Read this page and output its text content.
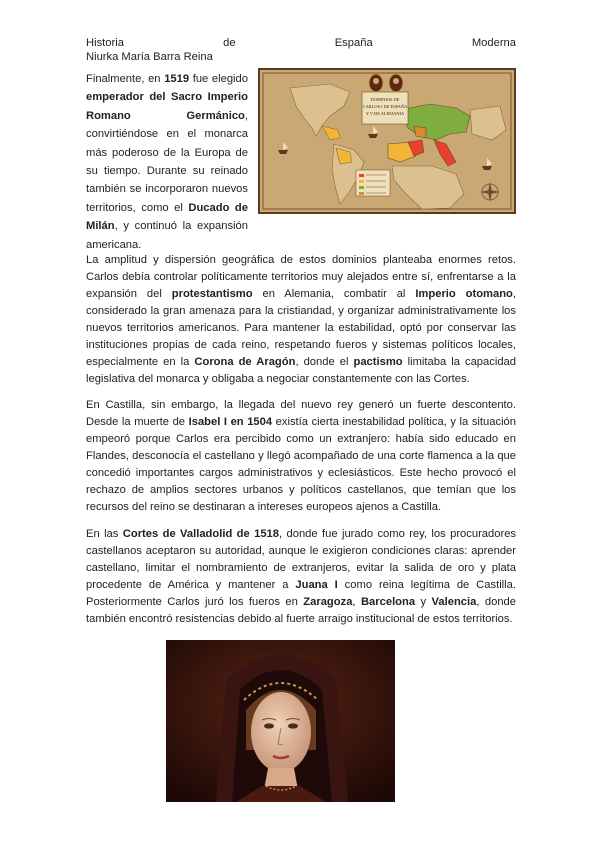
Historia	de	España	Moderna
Niurka María Barra Reina

Finalmente, en 1519 fue elegido emperador del Sacro Imperio Romano Germánico, convirtiéndose en el monarca más poderoso de la Europa de su tiempo. Durante su reinado también se incorporaron nuevos territorios, como el Ducado de Milán, y continuó la expansión americana.

DOMINIOS DE
CARLOS I DE ESPAÑA
Y V DE ALEMANIA

La amplitud y dispersión geográfica de estos dominios planteaba enormes retos. Carlos debía controlar políticamente territorios muy alejados entre sí, enfrentarse a la expansión del protestantismo en Alemania, combatir al Imperio otomano, considerado la gran amenaza para la cristiandad, y organizar administrativamente los nuevos territorios americanos. Para mantener la estabilidad, optó por conservar las instituciones propias de cada reino, respetando fueros y sistemas políticos locales, especialmente en la Corona de Aragón, donde el pactismo limitaba la capacidad legislativa del monarca y obligaba a negociar constantemente con las Cortes.

En Castilla, sin embargo, la llegada del nuevo rey generó un fuerte descontento. Desde la muerte de Isabel I en 1504 existía cierta inestabilidad política, y la situación empeoró porque Carlos era percibido como un extranjero: había sido educado en Flandes, desconocía el castellano y llegó acompañado de una corte flamenca a la que concedió importantes cargos administrativos y eclesiásticos. Este hecho provocó el rechazo de amplios sectores urbanos y políticos castellanos, que temían que los recursos del reino se destinaran a intereses europeos ajenos a Castilla.

En las Cortes de Valladolid de 1518, donde fue jurado como rey, los procuradores castellanos aceptaron su autoridad, aunque le exigieron condiciones claras: aprender castellano, limitar el nombramiento de extranjeros, evitar la salida de oro y plata procedente de América y mantener a Juana I como reina legítima de Castilla. Posteriormente Carlos juró los fueros en Zaragoza, Barcelona y Valencia, donde también encontró resistencias debido al fuerte arraigo institucional de estos territorios.
